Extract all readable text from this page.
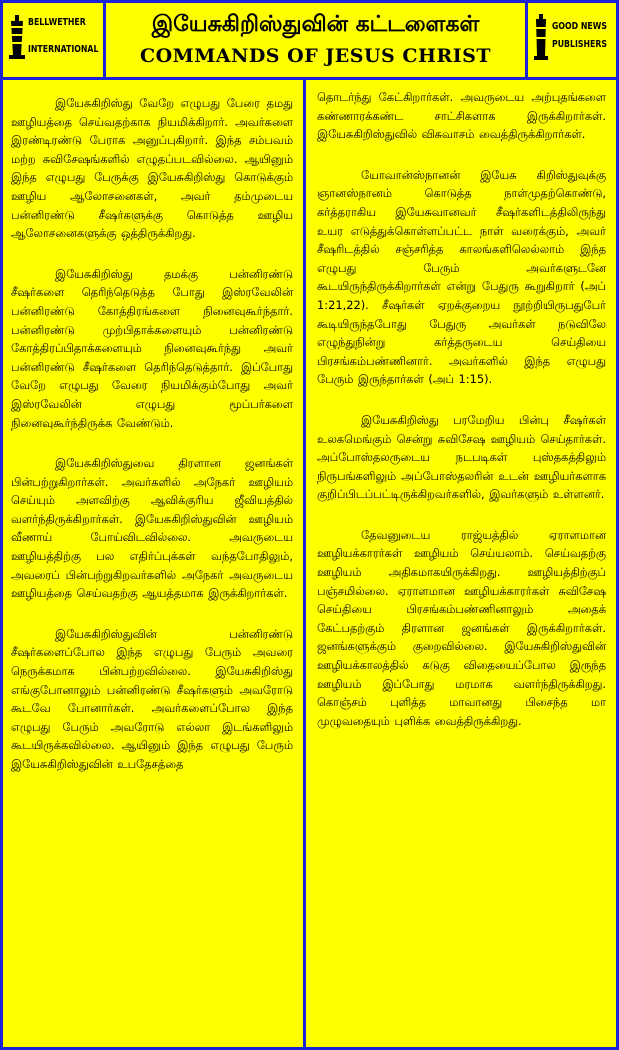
BELLWETHER
INTERNATIONAL
இயேசுகிறிஸ்துவின் கட்டளைகள்
COMMANDS OF JESUS CHRIST
GOOD NEWS
PUBLISHERS

இயேசுகிறிஸ்து வேறே எழுபது பேரை தமது ஊழியத்தை செய்வதற்காக நியமிக்கிறார். அவர்களை இரண்டிரண்டு பேராக அனுப்புகிறார். இந்த சம்பவம் மற்ற சுவிசேஷங்களில் எழுதப்படவில்லை. ஆயினும் இந்த எழுபது பேருக்கு இயேசுகிறிஸ்து கொடுக்கும் ஊழிய ஆலோசனைகள், அவர் தம்முடைய பன்னிரண்டு சீஷர்களுக்கு கொடுத்த ஊழிய ஆலோசனைகளுக்கு ஒத்திருக்கிறது.

இயேசுகிறிஸ்து தமக்கு பன்னிரண்டு சீஷர்களை தெரிந்தெடுத்த போது இஸ்ரவேலின் பன்னிரண்டு கோத்திரங்களை நினைவுகூர்ந்தார். பன்னிரண்டு முற்பிதாக்களையும் பன்னிரண்டு கோத்திரப்பிதாக்களையும் நினைவுகூர்ந்து அவர் பன்னிரண்டு சீஷர்களை தெரிந்தெடுத்தார். இப்போது வேறே எழுபது வேரை நியமிக்கும்போது அவர் இஸ்ரவேலின் எழுபது மூப்பர்களை நினைவுகூர்ந்திருக்க வேண்டும்.

இயேசுகிறிஸ்துவை திரளான ஜனங்கள் பின்பற்றுகிறார்கள். அவர்களில் அநேகர் ஊழியம் செய்யும் அளவிற்கு ஆவிக்குரிய ஜீவியத்தில் வளர்ந்திருக்கிறார்கள். இயேசுகிறிஸ்துவின் ஊழியம் வீணாய் போய்விடவில்லை. அவருடைய ஊழியத்திற்கு பல எதிர்ப்புக்கள் வந்தபோதிலும், அவரைப் பின்பற்றுகிறவர்களில் அநேகர் அவருடைய ஊழியத்தை செய்வதற்கு ஆயத்தமாக இருக்கிறார்கள்.

இயேசுகிறிஸ்துவின் பன்னிரண்டு சீஷர்களைப்போல இந்த எழுபது பேரும் அவரை நெருக்கமாக பின்பற்றவில்லை. இயேசுகிறிஸ்து எங்குபோனாலும் பன்னிரண்டு சீஷர்களும் அவரோடு கூடவே போனார்கள். அவர்களைப்போல இந்த எழுபது பேரும் அவரோடு எல்லா இடங்களிலும் கூடயிருக்கவில்லை. ஆயினும் இந்த எழுபது பேரும் இயேசுகிறிஸ்துவின் உபதேசத்தை

தொடர்ந்து கேட்கிறார்கள். அவருடைய அற்புதங்களை கண்ணாரக்கண்ட சாட்சிகளாக இருக்கிறார்கள். இயேசுகிறிஸ்துவில் விசுவாசம் வைத்திருக்கிறார்கள்.

யோவான்ஸ்நானன் இயேசு கிறிஸ்துவுக்கு ஞானஸ்நானம் கொடுத்த நாள்முதற்கொண்டு, கர்த்தராகிய இயேசுவானவர் சீஷர்களிடத்திலிருந்து உயர எடுத்துக்கொள்ளப்பட்ட நாள் வரைக்கும், அவர் சீஷரிடத்தில் சஞ்சரித்த காலங்களிலெல்லாம் இந்த எழுபது பேரும் அவர்களுடனே கூடயிருந்திருக்கிறார்கள் என்று பேதுரு கூறுகிறார் (அப் 1:21,22). சீஷர்கள் ஏறக்குறைய நூற்றியிருபதுபேர் கூடியிருந்தபோது பேதுரு அவர்கள் நடுவிலே எழுந்துநின்று கர்த்தருடைய செய்தியை பிரசங்கம்பண்ணினார். அவர்களில் இந்த எழுபது பேரும் இருந்தார்கள் (அப் 1:15).

இயேசுகிறிஸ்து பரமேறிய பின்பு சீஷர்கள் உலகமெங்கும் சென்று சுவிசேஷ ஊழியம் செய்தார்கள். அப்போஸ்தலருடைய நடபடிகள் புஸ்தகத்திலும் நிருபங்களிலும் அப்போஸ்தலரின் உடன் ஊழியர்களாக குறிப்பிடப்பட்டிருக்கிறவர்களில், இவர்களும் உள்ளனர்.

தேவனுடைய ராஜ்யத்தில் ஏராளமான ஊழியக்காரர்கள் ஊழியம் செய்யலாம். செய்வதற்கு ஊழியம் அதிகமாகயிருக்கிறது. ஊழியத்திற்குப் பஞ்சமில்லை. ஏராளமான ஊழியக்காரர்கள் சுவிசேஷ செய்தியை பிரசங்கம்பண்ணினாலும் அதைக் கேட்பதற்கும் திரளான ஜனங்கள் இருக்கிறார்கள். ஜனங்களுக்கும் குறைவில்லை. இயேசுகிறிஸ்துவின் ஊழியக்காலத்தில் கடுகு விதையைப்போல இருந்த ஊழியம் இப்போது மரமாக வளர்ந்திருக்கிறது. கொஞ்சம் புளித்த மாவானது பிசைந்த மா முழுவதையும் புளிக்க வைத்திருக்கிறது.
